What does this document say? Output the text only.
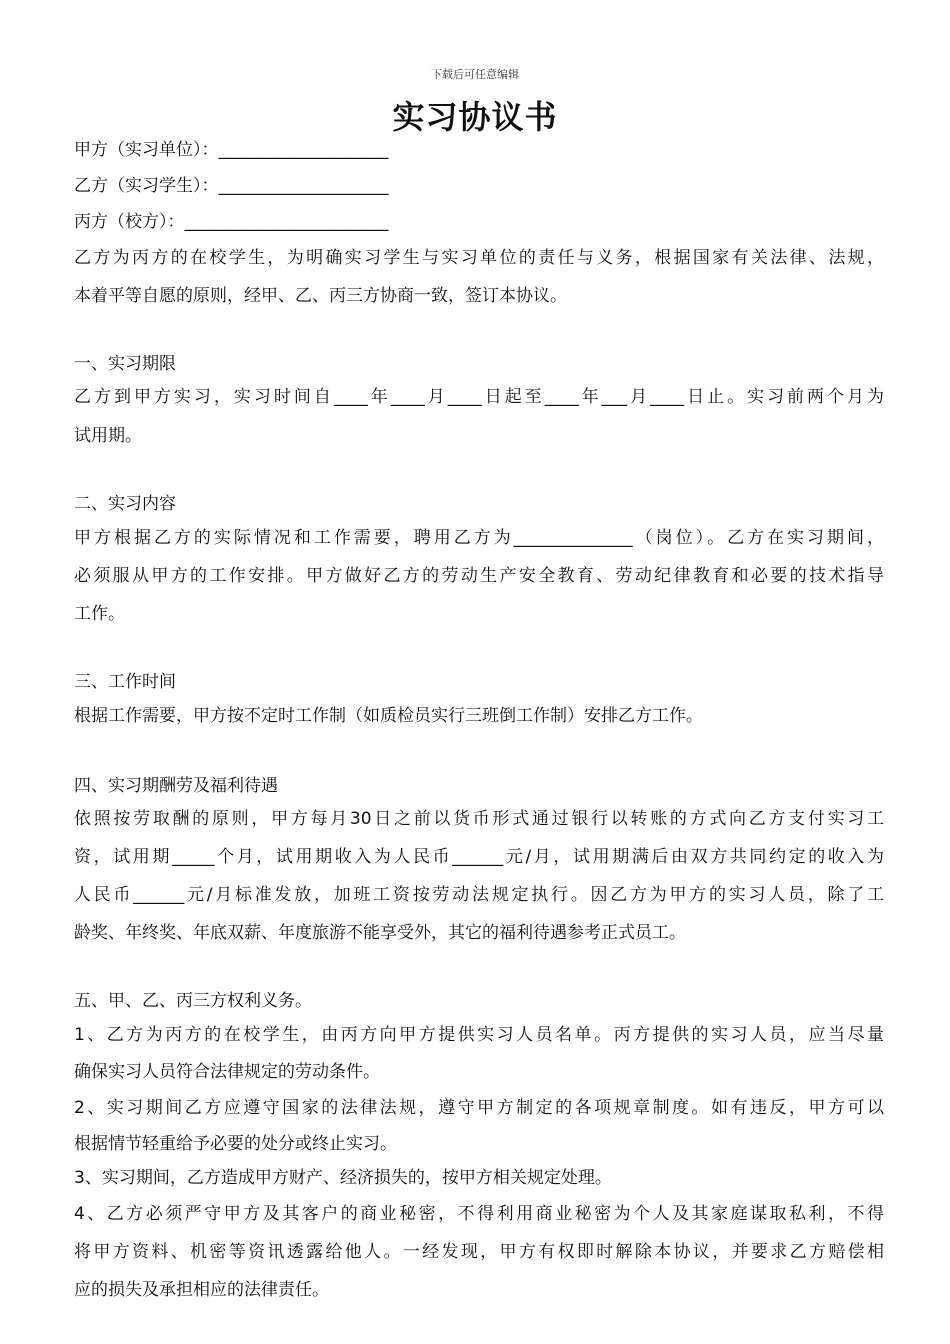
下载后可任意编辑
实习协议书
甲方（实习单位）：____________________
乙方（实习学生）：____________________
丙方（校方）：________________________
乙方为丙方的在校学生，为明确实习学生与实习单位的责任与义务，根据国家有关法律、法规，
本着平等自愿的原则，经甲、乙、丙三方协商一致，签订本协议。
一、实习期限
乙方到甲方实习，实习时间自____年____月____日起至____年___月____日止。实习前两个月为
试用期。
二、实习内容
甲方根据乙方的实际情况和工作需要，聘用乙方为______________（岗位）。乙方在实习期间，
必须服从甲方的工作安排。甲方做好乙方的劳动生产安全教育、劳动纪律教育和必要的技术指导
工作。
三、工作时间
根据工作需要，甲方按不定时工作制（如质检员实行三班倒工作制）安排乙方工作。
四、实习期酬劳及福利待遇
依照按劳取酬的原则，甲方每月30日之前以货币形式通过银行以转账的方式向乙方支付实习工
资，试用期_____个月，试用期收入为人民币______元/月，试用期满后由双方共同约定的收入为
人民币______元/月标准发放，加班工资按劳动法规定执行。因乙方为甲方的实习人员，除了工
龄奖、年终奖、年底双薪、年度旅游不能享受外，其它的福利待遇参考正式员工。
五、甲、乙、丙三方权利义务。
1、乙方为丙方的在校学生，由丙方向甲方提供实习人员名单。丙方提供的实习人员，应当尽量
确保实习人员符合法律规定的劳动条件。
2、实习期间乙方应遵守国家的法律法规，遵守甲方制定的各项规章制度。如有违反，甲方可以
根据情节轻重给予必要的处分或终止实习。
3、实习期间，乙方造成甲方财产、经济损失的，按甲方相关规定处理。
4、乙方必须严守甲方及其客户的商业秘密，不得利用商业秘密为个人及其家庭谋取私利，不得
将甲方资料、机密等资讯透露给他人。一经发现，甲方有权即时解除本协议，并要求乙方赔偿相
应的损失及承担相应的法律责任。
